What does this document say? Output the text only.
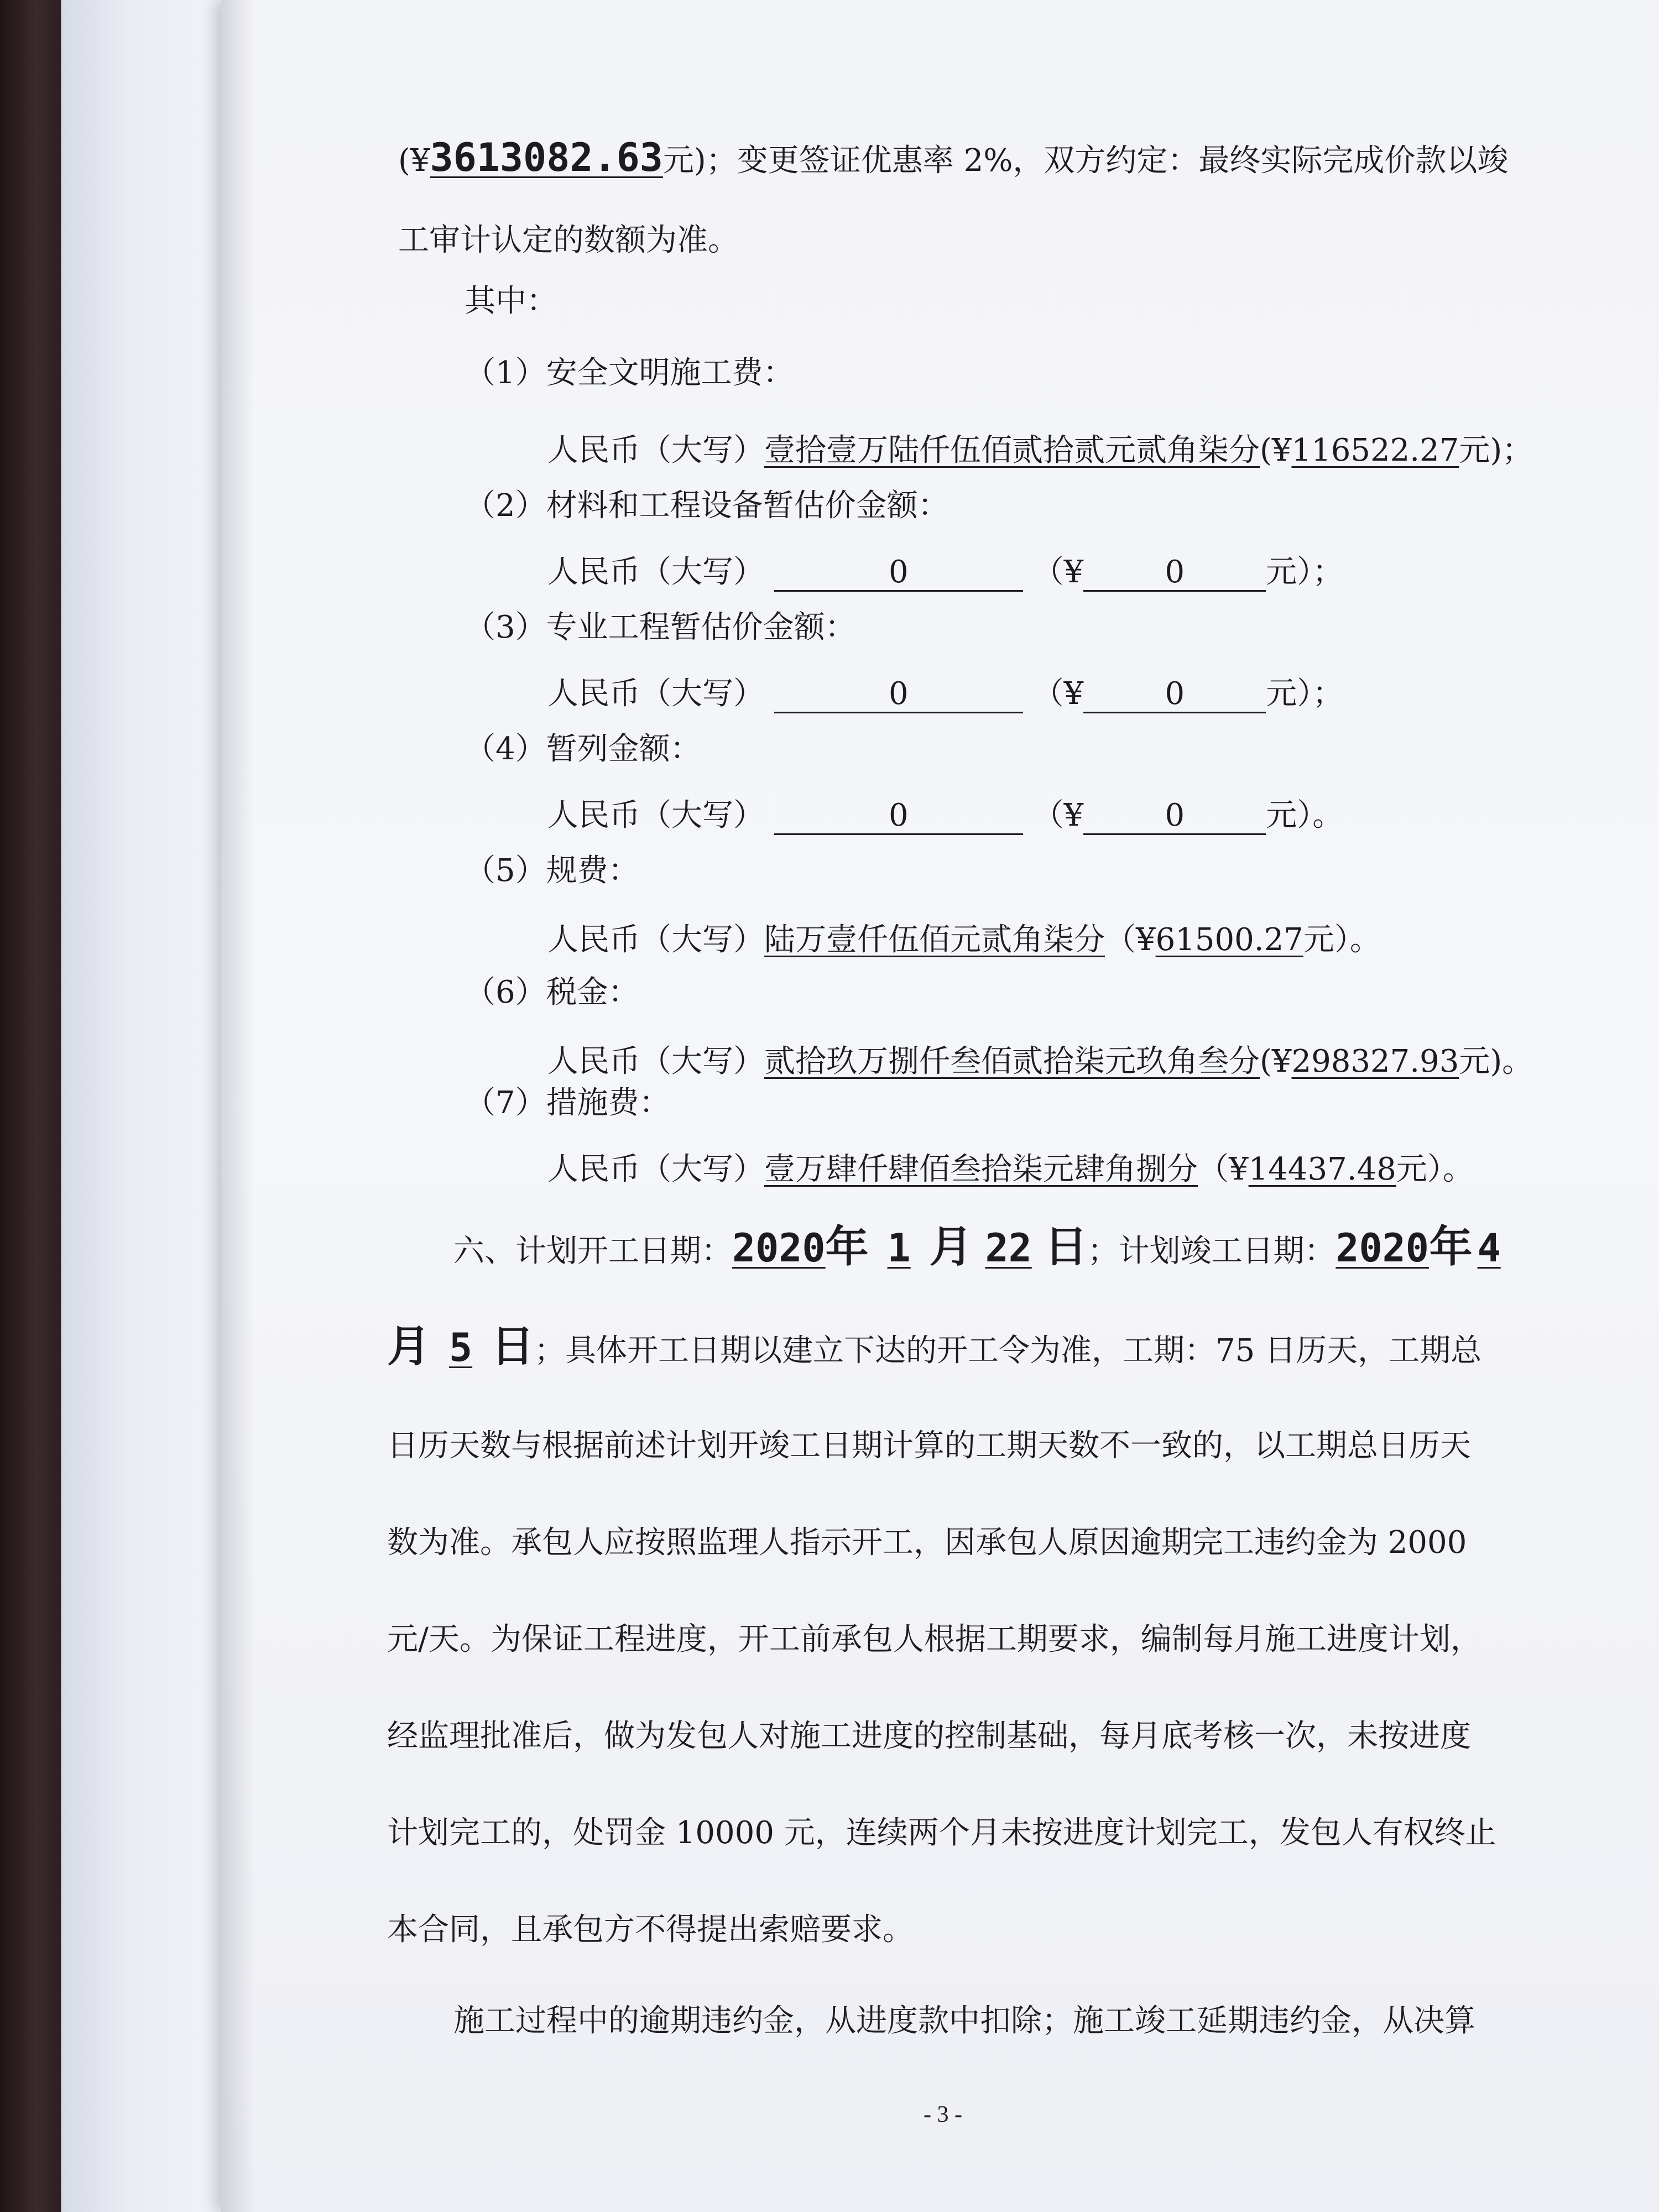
(¥3613082.63元)；变更签证优惠率 2%，双方约定：最终实际完成价款以竣
工审计认定的数额为准。
其中：
（1）安全文明施工费：
人民币（大写）壹拾壹万陆仟伍佰贰拾贰元贰角柒分(¥116522.27元)；
（2）材料和工程设备暂估价金额：
人民币（大写）	0	（¥	0	元）；
（3）专业工程暂估价金额：
人民币（大写）	0	（¥	0	元）；
（4）暂列金额：
人民币（大写）	0	（¥	0	元）。
（5）规费：
人民币（大写）陆万壹仟伍佰元贰角柒分（¥61500.27元）。
（6）税金：
人民币（大写）贰拾玖万捌仟叁佰贰拾柒元玖角叁分(¥298327.93元)。
（7）措施费：
人民币（大写）壹万肆仟肆佰叁拾柒元肆角捌分（¥14437.48元）。
六、计划开工日期：2020年 1 月 22 日；计划竣工日期：2020年 4
月 5 日；具体开工日期以建立下达的开工令为准，工期：75 日历天，工期总
日历天数与根据前述计划开竣工日期计算的工期天数不一致的，以工期总日历天
数为准。承包人应按照监理人指示开工，因承包人原因逾期完工违约金为 2000
元/天。为保证工程进度，开工前承包人根据工期要求，编制每月施工进度计划，
经监理批准后，做为发包人对施工进度的控制基础，每月底考核一次，未按进度
计划完工的，处罚金 10000 元，连续两个月未按进度计划完工，发包人有权终止
本合同，且承包方不得提出索赔要求。
施工过程中的逾期违约金，从进度款中扣除；施工竣工延期违约金，从决算
- 3 -
